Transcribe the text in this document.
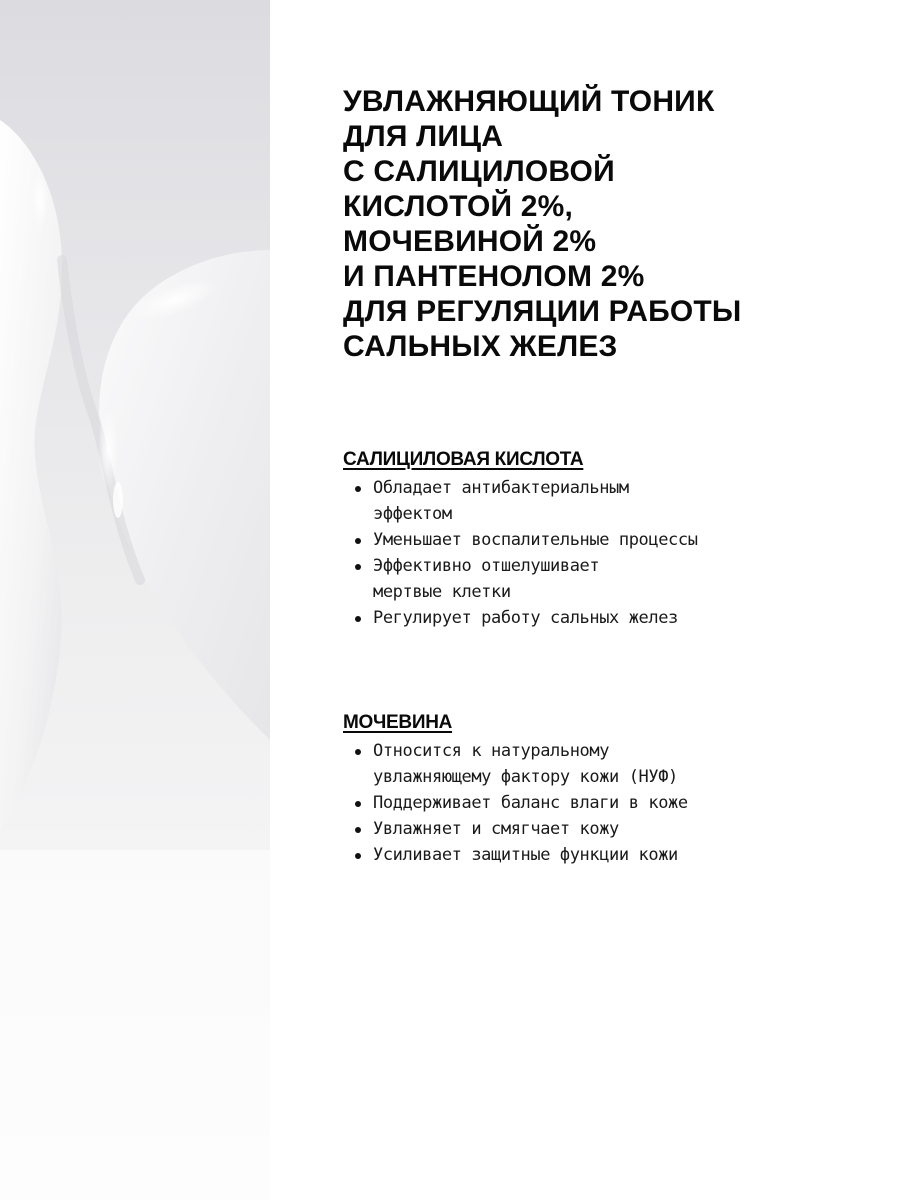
УВЛАЖНЯЮЩИЙ ТОНИК
ДЛЯ ЛИЦА
С САЛИЦИЛОВОЙ
КИСЛОТОЙ 2%,
МОЧЕВИНОЙ 2%
И ПАНТЕНОЛОМ 2%
ДЛЯ РЕГУЛЯЦИИ РАБОТЫ
САЛЬНЫХ ЖЕЛЕЗ
САЛИЦИЛОВАЯ КИСЛОТА
Обладает антибактериальным
эффектом
Уменьшает воспалительные процессы
Эффективно отшелушивает
мертвые клетки
Регулирует работу сальных желез
МОЧЕВИНА
Относится к натуральному
увлажняющему фактору кожи (НУФ)
Поддерживает баланс влаги в коже
Увлажняет и смягчает кожу
Усиливает защитные функции кожи
